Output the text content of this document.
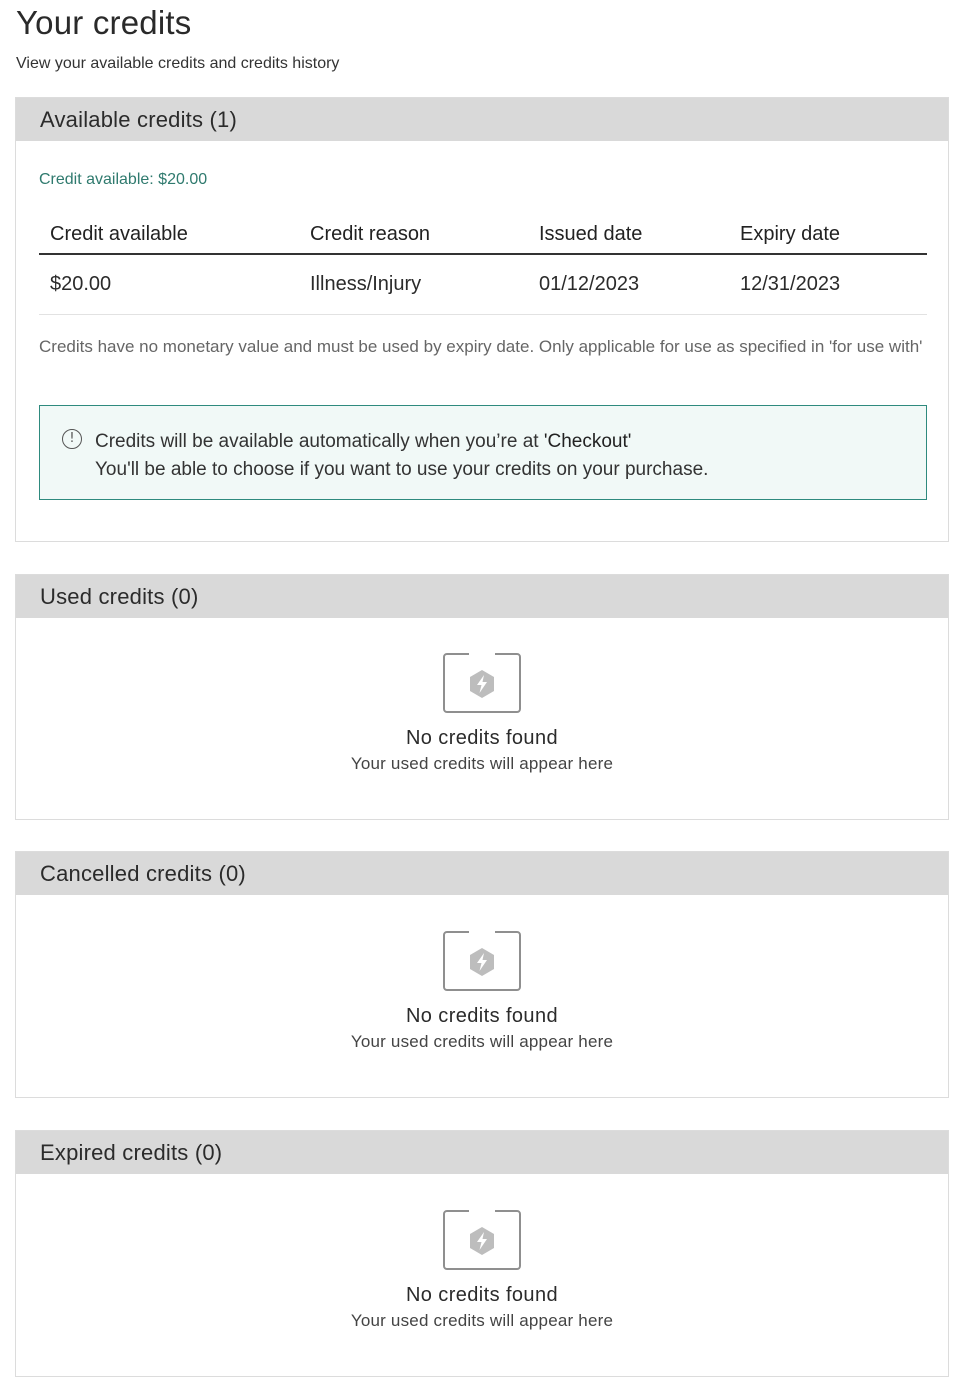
Your credits

View your available credits and credits history

Available credits (1)
Credit available: $20.00
Credit available	Credit reason	Issued date	Expiry date
$20.00	Illness/Injury	01/12/2023	12/31/2023

Credits have no monetary value and must be used by expiry date. Only applicable for use as specified in 'for use with'

!	Credits will be available automatically when you’re at 'Checkout'
You'll be able to choose if you want to use your credits on your purchase.
Used credits (0)
No credits found
Your used credits will appear here
Cancelled credits (0)
No credits found
Your used credits will appear here
Expired credits (0)
No credits found
Your used credits will appear here
